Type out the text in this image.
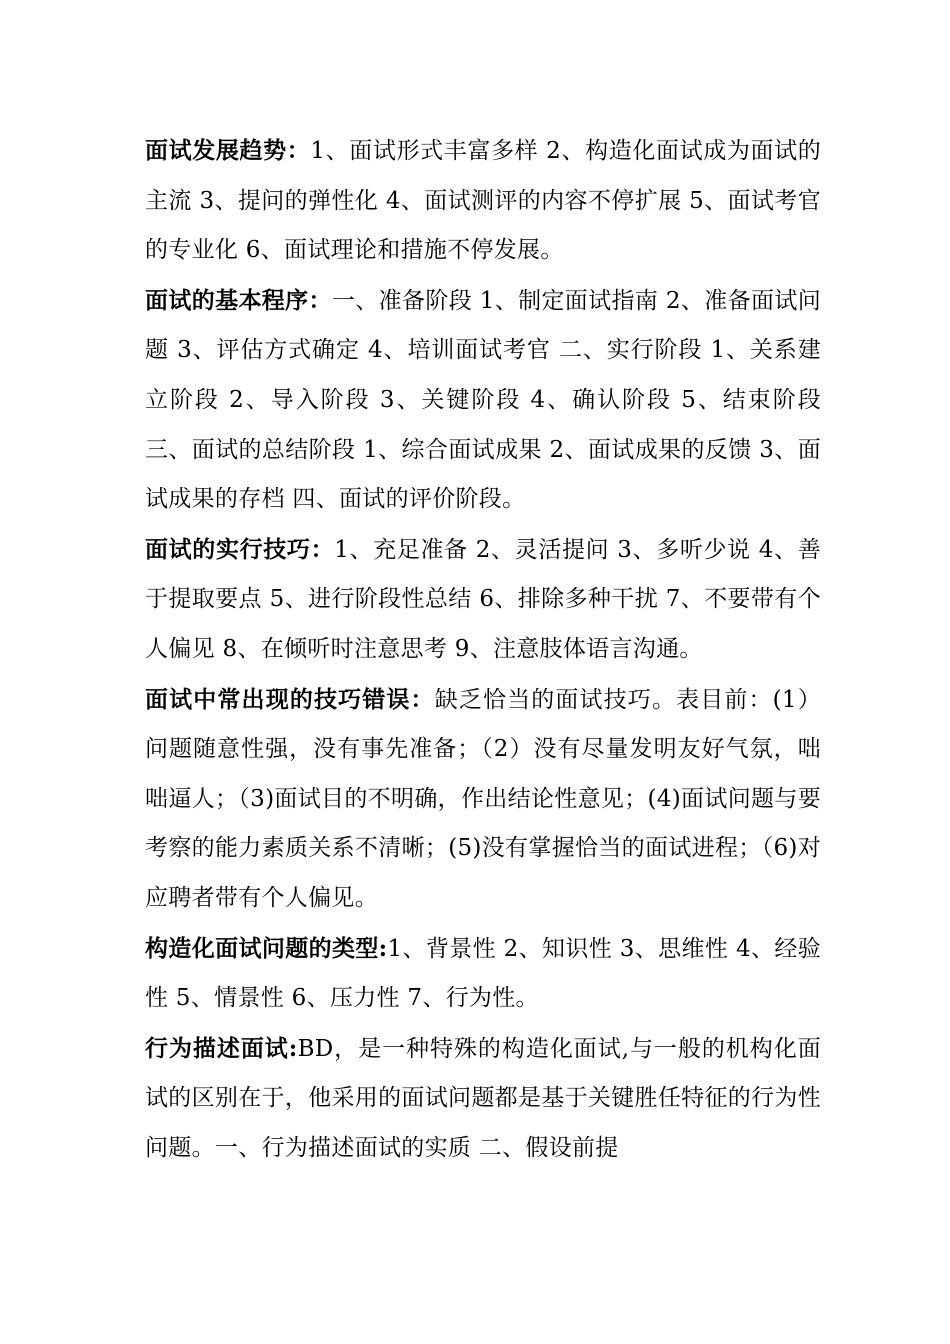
面试发展趋势：1、面试形式丰富多样 2、构造化面试成为面试的主流 3、提问的弹性化 4、面试测评的内容不停扩展 5、面试考官的专业化 6、面试理论和措施不停发展。

面试的基本程序：一、准备阶段 1、制定面试指南 2、准备面试问题 3、评估方式确定 4、培训面试考官 二、实行阶段 1、关系建立阶段 2、导入阶段 3、关键阶段 4、确认阶段 5、结束阶段 三、面试的总结阶段 1、综合面试成果 2、面试成果的反馈 3、面试成果的存档 四、面试的评价阶段。

面试的实行技巧：1、充足准备 2、灵活提问 3、多听少说 4、善于提取要点 5、进行阶段性总结 6、排除多种干扰 7、不要带有个人偏见 8、在倾听时注意思考 9、注意肢体语言沟通。

面试中常出现的技巧错误：缺乏恰当的面试技巧。表目前：(1）问题随意性强，没有事先准备；（2）没有尽量发明友好气氛，咄咄逼人；（3)面试目的不明确，作出结论性意见；(4)面试问题与要考察的能力素质关系不清晰；(5)没有掌握恰当的面试进程；（6)对应聘者带有个人偏见。

构造化面试问题的类型:1、背景性 2、知识性 3、思维性 4、经验性 5、情景性 6、压力性 7、行为性。

行为描述面试:BD，是一种特殊的构造化面试,与一般的机构化面试的区别在于，他采用的面试问题都是基于关键胜任特征的行为性问题。一、行为描述面试的实质 二、假设前提
